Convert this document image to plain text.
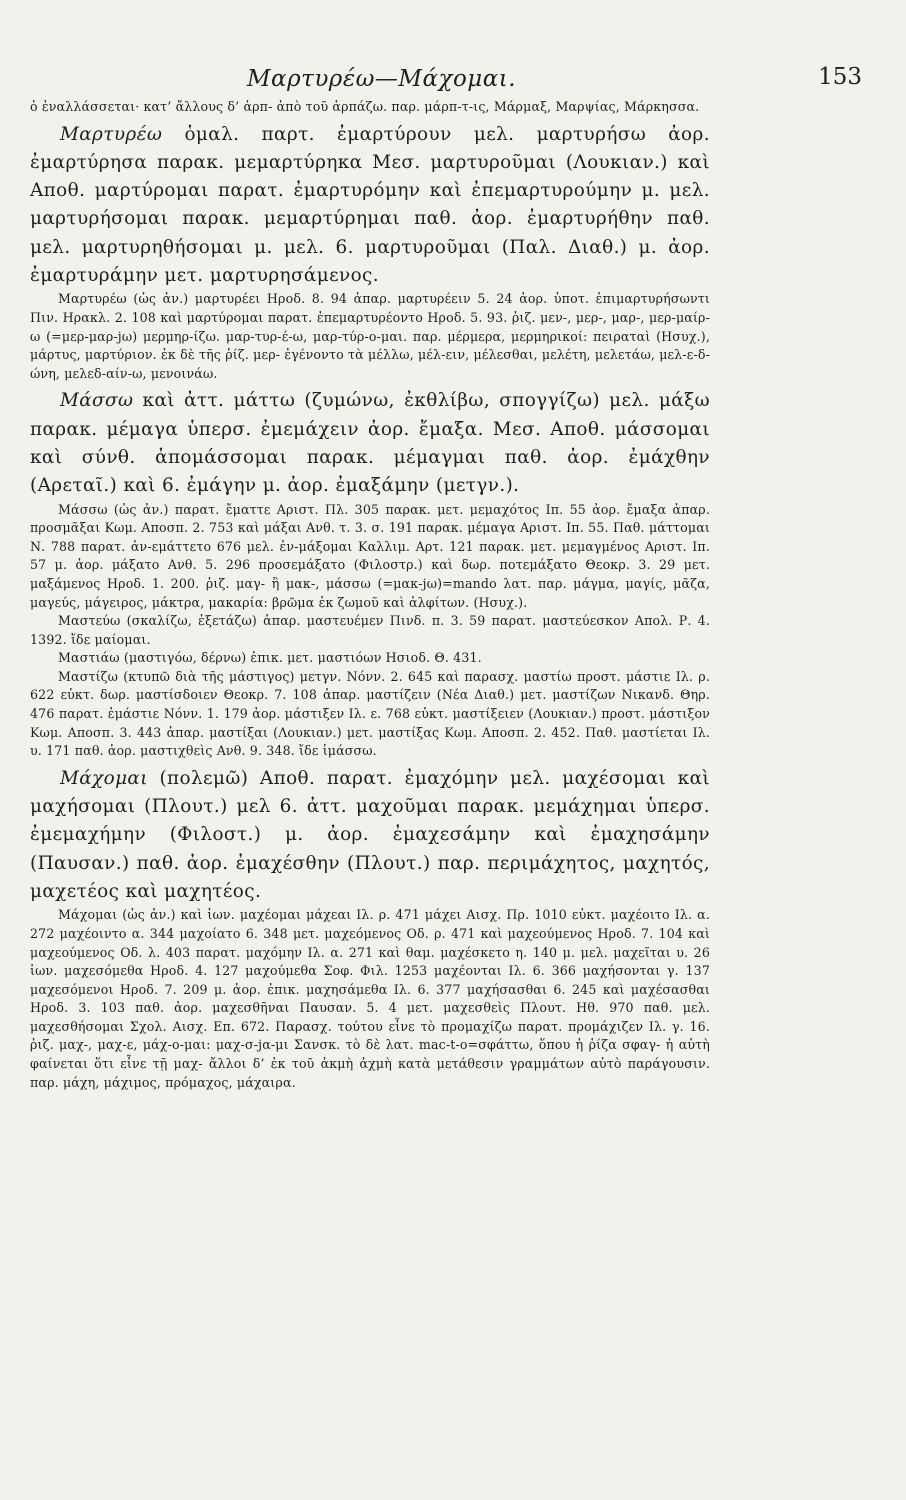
Μαρτυρέω—Μάχομαι.	153

ὁ ἐναλλάσσεται· κατ’ ἄλλους δ’ ἁρπ- ἀπὸ τοῦ ἁρπάζω. παρ. μάρπ-τ-ις, Μάρμαξ, Μαρψίας, Μάρκησσα.

Μαρτυρέω ὁμαλ. παρτ. ἐμαρτύρουν μελ. μαρτυρήσω ἀορ. ἐμαρτύρησα παρακ. μεμαρτύρηκα Μεσ. μαρτυροῦμαι (Λουκιαν.) καὶ Αποθ. μαρτύρομαι παρατ. ἐμαρτυρόμην καὶ ἐπεμαρτυρούμην μ. μελ. μαρτυρήσομαι παρακ. μεμαρτύρημαι παθ. ἀορ. ἐμαρτυρήθην παθ. μελ. μαρτυρηθήσομαι μ. μελ. 6. μαρτυροῦμαι (Παλ. Διαθ.) μ. ἀορ. ἐμαρτυράμην μετ. μαρτυρησάμενος.

Μαρτυρέω (ὡς ἀν.) μαρτυρέει Ηροδ. 8. 94 ἀπαρ. μαρτυρέειν 5. 24 ἀορ. ὑποτ. ἐπιμαρτυρήσωντι Πιν. Ηρακλ. 2. 108 καὶ μαρτύρομαι παρατ. ἐπεμαρτυρέοντο Ηροδ. 5. 93. ῥιζ. μεν-, μερ-, μαρ-, μερ-μαίρ-ω (=μερ-μαρ-jω) μερμηρ-ίζω. μαρ-τυρ-έ-ω, μαρ-τύρ-ο-μαι. παρ. μέρμερα, μερμηρικοί: πειραταὶ (Ησυχ.), μάρτυς, μαρτύριον. ἐκ δὲ τῆς ῥίζ. μερ- ἐγένοντο τὰ μέλλω, μέλ-ειν, μέλεσθαι, μελέτη, μελετάω, μελ-ε-δ-ώνη, μελεδ-αίν-ω, μενοινάω.

Μάσσω καὶ ἀττ. μάττω (ζυμώνω, ἐκθλίβω, σπογγίζω) μελ. μάξω παρακ. μέμαγα ὑπερσ. ἐμεμάχειν ἀορ. ἔμαξα. Μεσ. Αποθ. μάσσομαι καὶ σύνθ. ἀπομάσσομαι παρακ. μέμαγμαι παθ. ἀορ. ἐμάχθην (Αρεταῖ.) καὶ 6. ἐμάγην μ. ἀορ. ἐμαξάμην (μετγν.).

Μάσσω (ὡς ἀν.) παρατ. ἔματτε Αριστ. Πλ. 305 παρακ. μετ. μεμαχότος Ιπ. 55 ἀορ. ἔμαξα ἀπαρ. προσμᾶξαι Κωμ. Αποσπ. 2. 753 καὶ μάξαι Ανθ. τ. 3. σ. 191 παρακ. μέμαγα Αριστ. Ιπ. 55. Παθ. μάττομαι Ν. 788 παρατ. ἀν-εμάττετο 676 μελ. ἐν-μάξομαι Καλλιμ. Αρτ. 121 παρακ. μετ. μεμαγμένος Αριστ. Ιπ. 57 μ. ἀορ. μάξατο Ανθ. 5. 296 προσεμάξατο (Φιλοστρ.) καὶ δωρ. ποτεμάξατο Θεοκρ. 3. 29 μετ. μαξάμενος Ηροδ. 1. 200. ῥιζ. μαγ- ἢ μακ-, μάσσω (=μακ-jω)=mando λατ. παρ. μάγμα, μαγίς, μᾶζα, μαγεύς, μάγειρος, μάκτρα, μακαρία: βρῶμα ἐκ ζωμοῦ καὶ ἀλφίτων. (Ησυχ.).

Μαστεύω (σκαλίζω, ἐξετάζω) ἀπαρ. μαστευέμεν Πινδ. π. 3. 59 παρατ. μαστεύεσκον Απολ. Ρ. 4. 1392. ἴδε μαίομαι.

Μαστιάω (μαστιγόω, δέρνω) ἐπικ. μετ. μαστιόων Ησιοδ. Θ. 431.

Μαστίζω (κτυπῶ διὰ τῆς μάστιγος) μετγν. Νόνν. 2. 645 καὶ παρασχ. μαστίω προστ. μάστιε Ιλ. ρ. 622 εὐκτ. δωρ. μαστίσδοιεν Θεοκρ. 7. 108 ἀπαρ. μαστίζειν (Νέα Διαθ.) μετ. μαστίζων Νικανδ. Θηρ. 476 παρατ. ἐμάστιε Νόνν. 1. 179 ἀορ. μάστιξεν Ιλ. ε. 768 εὐκτ. μαστίξειεν (Λουκιαν.) προστ. μάστιξον Κωμ. Αποσπ. 3. 443 ἀπαρ. μαστίξαι (Λουκιαν.) μετ. μαστίξας Κωμ. Αποσπ. 2. 452. Παθ. μαστίεται Ιλ. υ. 171 παθ. ἀορ. μαστιχθεὶς Ανθ. 9. 348. ἴδε ἱμάσσω.

Μάχομαι (πολεμῶ) Αποθ. παρατ. ἐμαχόμην μελ. μαχέσομαι καὶ μαχήσομαι (Πλουτ.) μελ 6. ἀττ. μαχοῦμαι παρακ. μεμάχημαι ὑπερσ. ἐμεμαχήμην (Φιλοστ.) μ. ἀορ. ἐμαχεσάμην καὶ ἐμαχησάμην (Παυσαν.) παθ. ἀορ. ἐμαχέσθην (Πλουτ.) παρ. περιμάχητος, μαχητός, μαχετέος καὶ μαχητέος.

Μάχομαι (ὡς ἀν.) καὶ ἰων. μαχέομαι μάχεαι Ιλ. ρ. 471 μάχει Αισχ. Πρ. 1010 εὐκτ. μαχέοιτο Ιλ. α. 272 μαχέοιντο α. 344 μαχοίατο 6. 348 μετ. μαχεόμενος Οδ. ρ. 471 καὶ μαχεούμενος Ηροδ. 7. 104 καὶ μαχεούμενος Οδ. λ. 403 παρατ. μαχόμην Ιλ. α. 271 καὶ θαμ. μαχέσκετο η. 140 μ. μελ. μαχεῖται υ. 26 ἰων. μαχεσόμεθα Ηροδ. 4. 127 μαχούμεθα Σοφ. Φιλ. 1253 μαχέονται Ιλ. 6. 366 μαχήσονται γ. 137 μαχεσόμενοι Ηροδ. 7. 209 μ. ἀορ. ἐπικ. μαχησάμεθα Ιλ. 6. 377 μαχήσασθαι 6. 245 καὶ μαχέσασθαι Ηροδ. 3. 103 παθ. ἀορ. μαχεσθῆναι Παυσαν. 5. 4 μετ. μαχεσθεὶς Πλουτ. Ηθ. 970 παθ. μελ. μαχεσθήσομαι Σχολ. Αισχ. Επ. 672. Παρασχ. τούτου εἶνε τὸ προμαχίζω παρατ. προμάχιζεν Ιλ. γ. 16. ῥιζ. μαχ-, μαχ-ε, μάχ-ο-μαι: μαχ-σ-jα-μι Σανσκ. τὸ δὲ λατ. mac-t-o=σφάττω, ὅπου ἡ ῥίζα σφαγ- ἡ αὐτὴ φαίνεται ὅτι εἶνε τῇ μαχ- ἄλλοι δ’ ἐκ τοῦ ἀκμὴ ἀχμὴ κατὰ μετάθεσιν γραμμάτων αὐτὸ παράγουσιν. παρ. μάχη, μάχιμος, πρόμαχος, μάχαιρα.
